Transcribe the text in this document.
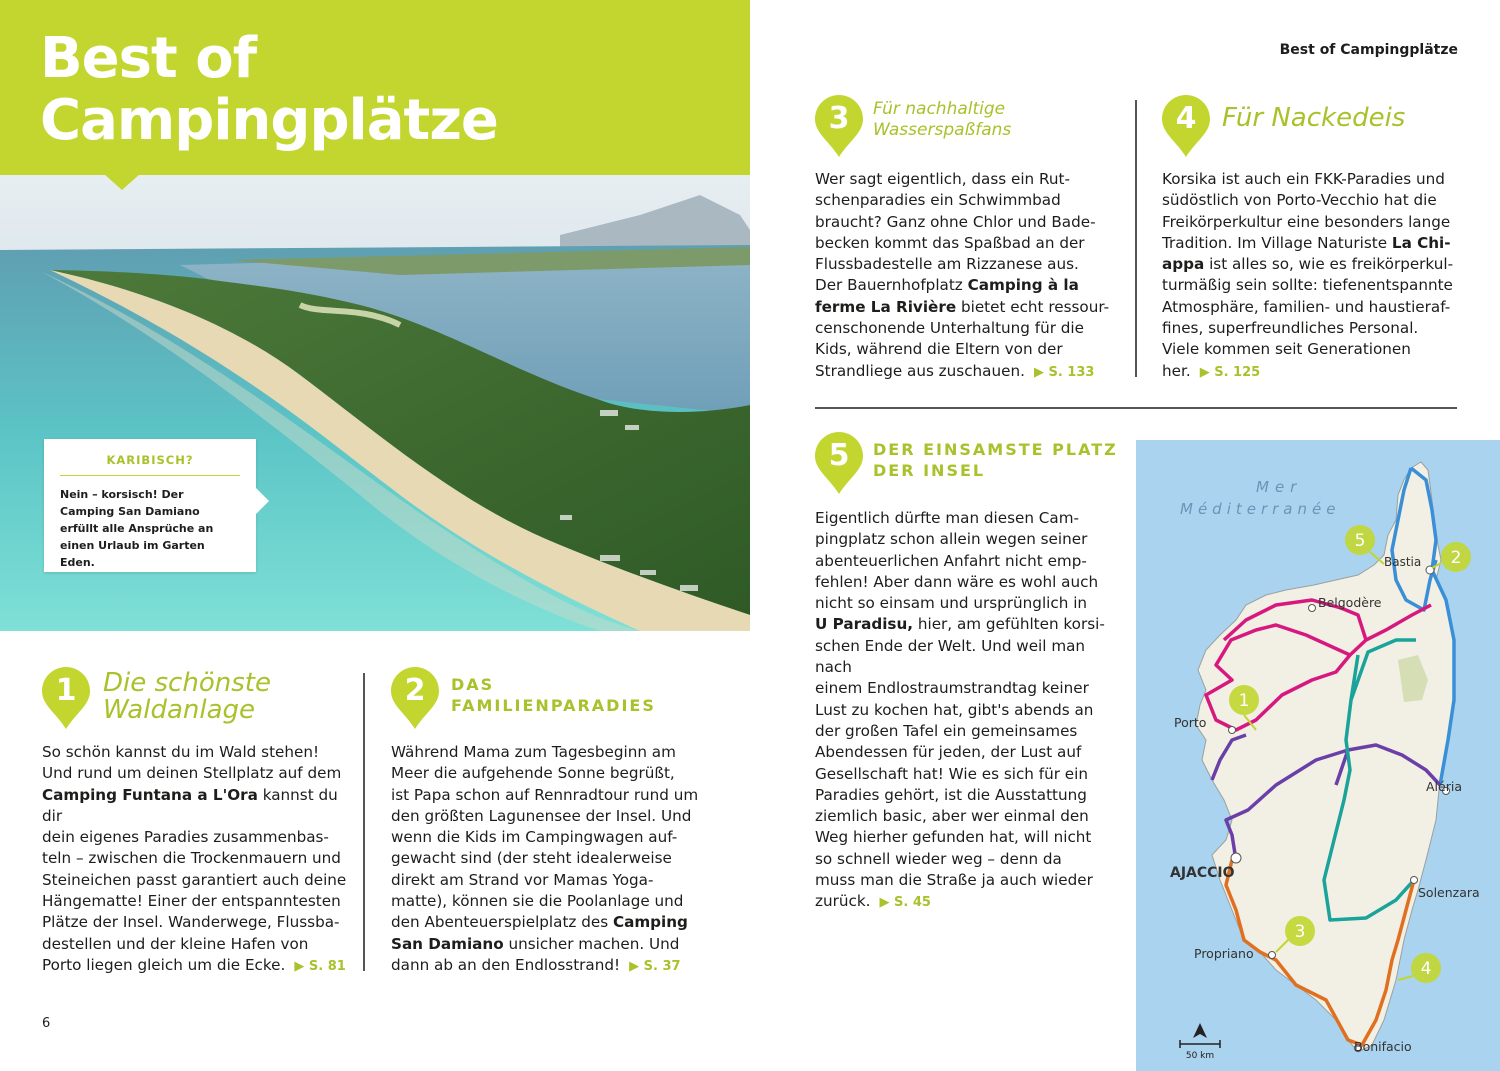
Best of
Campingplätze
KARIBISCH?

Nein – korsisch! Der Camping San Damiano erfüllt alle Ansprüche an einen Urlaub im Garten Eden.

Best of Campingplätze
6
1	Die schönste
Waldanlage
So schön kannst du im Wald stehen!
Und rund um deinen Stellplatz auf dem
Camping Funtana a L'Ora kannst du dir
dein eigenes Paradies zusammenbas-
teln – zwischen die Trockenmauern und
Steineichen passt garantiert auch deine
Hängematte! Einer der entspanntesten
Plätze der Insel. Wanderwege, Flussba-
destellen und der kleine Hafen von
Porto liegen gleich um die Ecke.  ▶ S. 81
2	DAS
FAMILIENPARADIES
Während Mama zum Tagesbeginn am
Meer die aufgehende Sonne begrüßt,
ist Papa schon auf Rennradtour rund um
den größten Lagunensee der Insel. Und
wenn die Kids im Campingwagen auf-
gewacht sind (der steht idealerweise
direkt am Strand vor Mamas Yoga-
matte), können sie die Poolanlage und
den Abenteuerspielplatz des Camping
San Damiano unsicher machen. Und
dann ab an den Endlosstrand!  ▶ S. 37
3	Für nachhaltige
Wasserspaßfans
Wer sagt eigentlich, dass ein Rut-
schenparadies ein Schwimmbad
braucht? Ganz ohne Chlor und Bade-
becken kommt das Spaßbad an der
Flussbadestelle am Rizzanese aus.
Der Bauernhofplatz Camping à la
ferme La Rivière bietet echt ressour-
censchonende Unterhaltung für die
Kids, während die Eltern von der
Strandliege aus zuschauen.  ▶ S. 133
4 Für Nackedeis
Korsika ist auch ein FKK-Paradies und
südöstlich von Porto-Vecchio hat die
Freikörperkultur eine besonders lange
Tradition. Im Village Naturiste La Chi-
appa ist alles so, wie es freikörperkul-
turmäßig sein sollte: tiefenentspannte
Atmosphäre, familien- und haustieraf-
fines, superfreundliches Personal.
Viele kommen seit Generationen
her.  ▶ S. 125
5	DER EINSAMSTE PLATZ
DER INSEL
Eigentlich dürfte man diesen Cam-
pingplatz schon allein wegen seiner
abenteuerlichen Anfahrt nicht emp-
fehlen! Aber dann wäre es wohl auch
nicht so einsam und ursprünglich in
U Paradisu, hier, am gefühlten korsi-
schen Ende der Welt. Und weil man nach
einem Endlostraumstrandtag keiner
Lust zu kochen hat, gibt's abends an
der großen Tafel ein gemeinsames
Abendessen für jeden, der Lust auf
Gesellschaft hat! Wie es sich für ein
Paradies gehört, ist die Ausstattung
ziemlich basic, aber wer einmal den
Weg hierher gefunden hat, will nicht
so schnell wieder weg – denn da
muss man die Straße ja auch wieder
zurück.  ▶ S. 45
1
2
3
4
5
Mer
Méditerranée
Bastia
Belgodère
Porto
Aléria
AJACCIO
Solenzara
Propriano
Bonifacio
50 km
